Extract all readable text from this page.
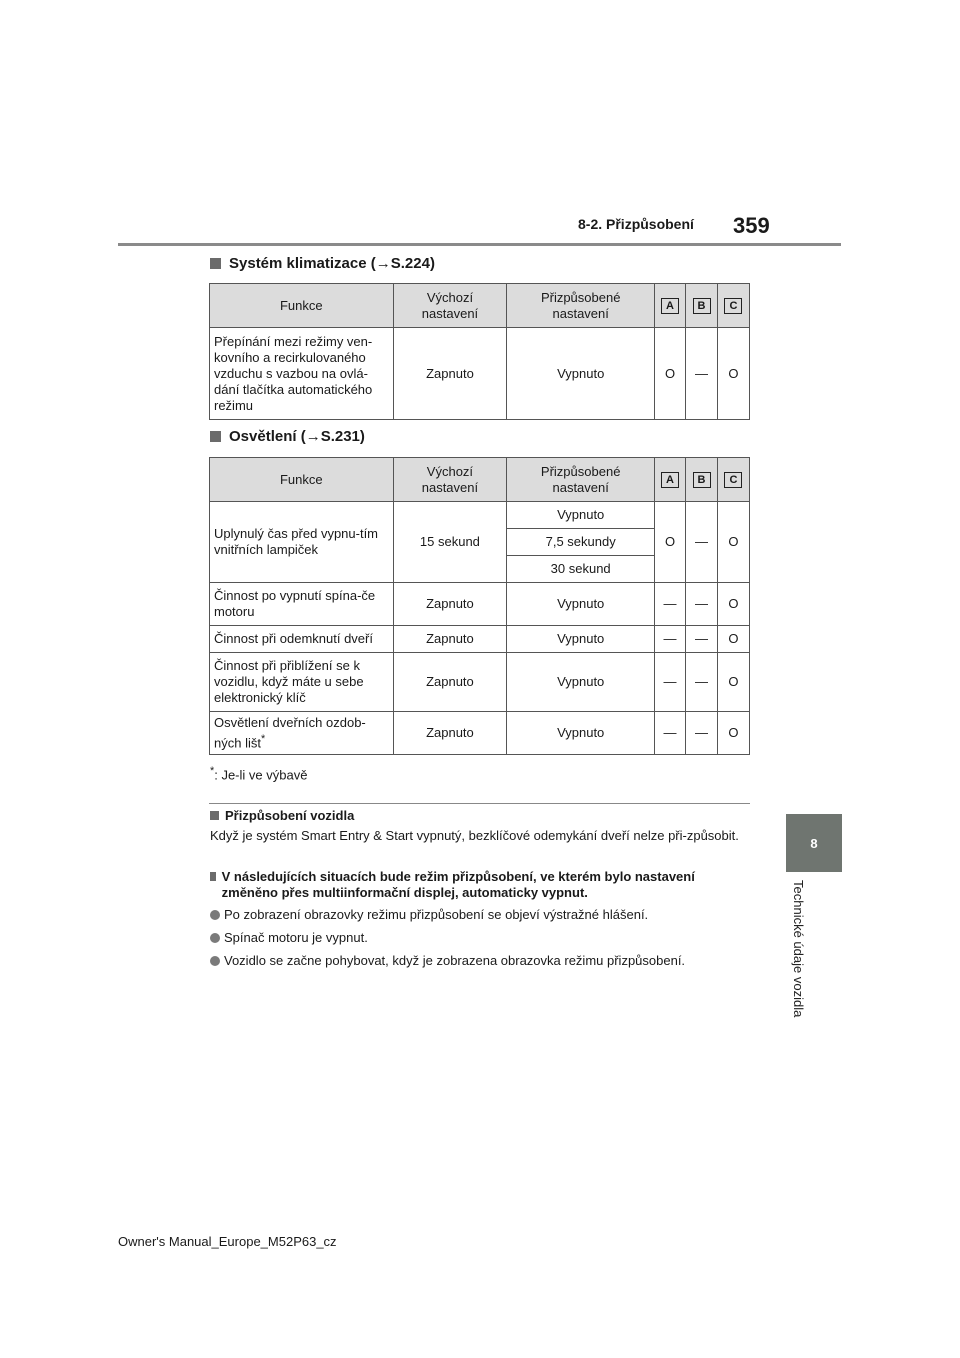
8-2. Přizpůsobení 359
8
Technické údaje vozidla
Systém klimatizace (→S.224)
Funkce	Výchozí nastavení	Přizpůsobené nastavení	A	B	C
Přepínání mezi režimy ven-kovního a recirkulovaného vzduchu s vazbou na ovlá-dání tlačítka automatického režimu	Zapnuto	Vypnuto	O	—	O
Osvětlení (→S.231)
Funkce	Výchozí nastavení	Přizpůsobené nastavení	A	B	C
Uplynulý čas před vypnu-tím vnitřních lampiček	15 sekund	Vypnuto	O	—	O
		7,5 sekundy			
		30 sekund			
Činnost po vypnutí spína-če motoru	Zapnuto	Vypnuto	—	—	O
Činnost při odemknutí dveří	Zapnuto	Vypnuto	—	—	O
Činnost při přiblížení se k vozidlu, když máte u sebe elektronický klíč	Zapnuto	Vypnuto	—	—	O
Osvětlení dveřních ozdob-ných lišt*	Zapnuto	Vypnuto	—	—	O
*: Je-li ve výbavě
Přizpůsobení vozidla
Když je systém Smart Entry & Start vypnutý, bezklíčové odemykání dveří nelze při-způsobit.
V následujících situacích bude režim přizpůsobení, ve kterém bylo nastavení změněno přes multiinformační displej, automaticky vypnut.
Po zobrazení obrazovky režimu přizpůsobení se objeví výstražné hlášení.
Spínač motoru je vypnut.
Vozidlo se začne pohybovat, když je zobrazena obrazovka režimu přizpůsobení.
Owner's Manual_Europe_M52P63_cz
